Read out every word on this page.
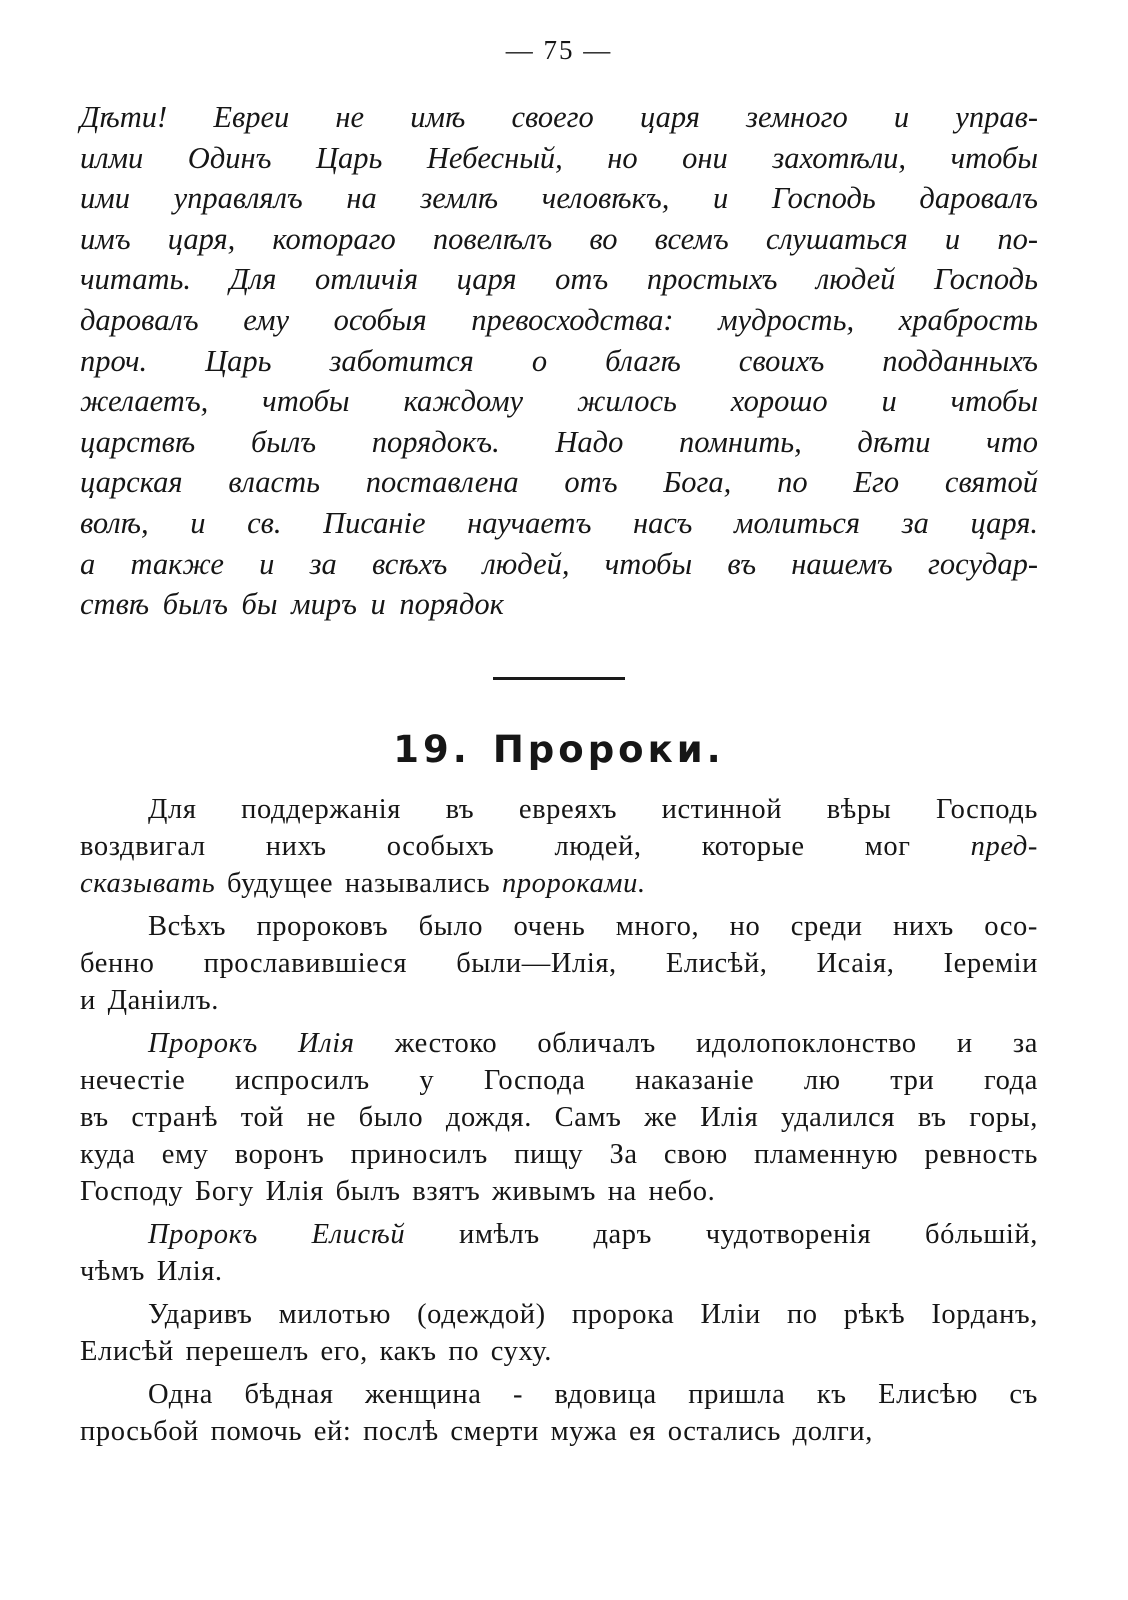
— 75 —
Дѣти! Евреи не имѣ своего царя земного и управ-
илми Одинъ Царь Небесный, но они захотѣли, чтобы
ими управлялъ на землѣ человѣкъ, и Господь даровалъ
имъ царя, котораго повелѣлъ во всемъ слушаться и по-
читать. Для отличія царя отъ простыхъ людей Господь
даровалъ ему особыя превосходства: мудрость, храбрость
проч. Царь заботится о благѣ своихъ подданныхъ
желаетъ, чтобы каждому жилось хорошо и чтобы
царствѣ былъ порядокъ. Надо помнить, дѣти что
царская власть поставлена отъ Бога, по Его святой
волѣ, и св. Писаніе научаетъ насъ молиться за царя.
а также и за всѣхъ людей, чтобы въ нашемъ государ-
ствѣ былъ бы миръ и порядок
19. Пророки.
Для поддержанія въ евреяхъ истинной вѣры Господь
воздвигал нихъ особыхъ людей, которые мог пред-
сказывать будущее назывались пророками.
Всѣхъ пророковъ было очень много, но среди нихъ осо-
бенно прославившіеся были—Илія, Елисѣй, Исаія, Іереміи
и Даніилъ.
Пророкъ Илія жестоко обличалъ идолопоклонство и за
нечестіе испросилъ у Господа наказаніе лю три года
въ странѣ той не было дождя. Самъ же Илія удалился въ горы,
куда ему воронъ приносилъ пищу За свою пламенную ревность
Господу Богу Илія былъ взятъ живымъ на небо.
Пророкъ Елисѣй имѣлъ даръ чудотворенія бóльшій,
чѣмъ Илія.
Ударивъ милотью (одеждой) пророка Иліи по рѣкѣ Іорданъ,
Елисѣй перешелъ его, какъ по суху.
Одна бѣдная женщина - вдовица пришла къ Елисѣю съ
просьбой помочь ей: послѣ смерти мужа ея остались долги,
